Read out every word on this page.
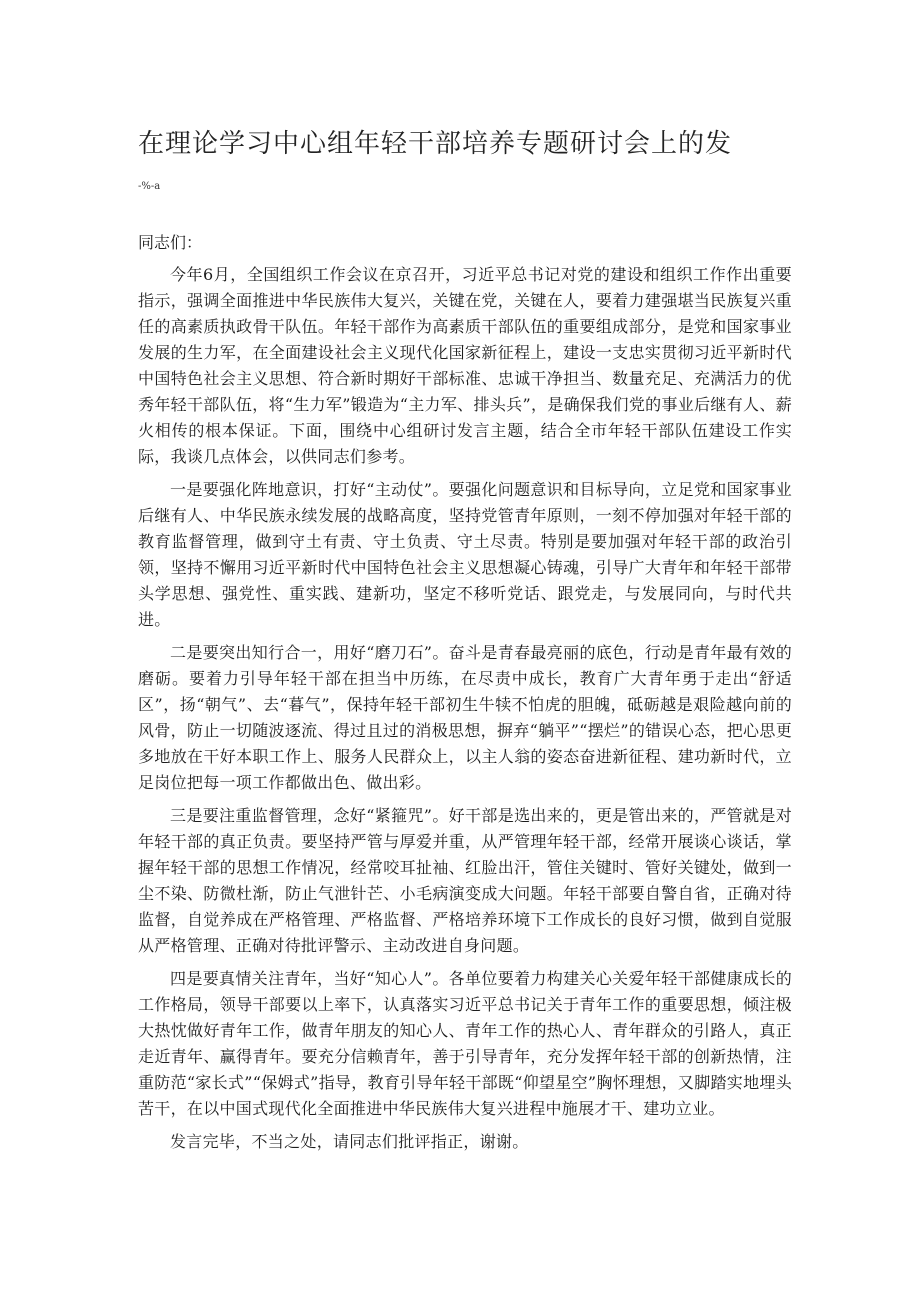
在理论学习中心组年轻干部培养专题研讨会上的发
-%-a
同志们：

今年6月，全国组织工作会议在京召开，习近平总书记对党的建设和组织工作作出重要指示，强调全面推进中华民族伟大复兴，关键在党，关键在人，要着力建强堪当民族复兴重任的高素质执政骨干队伍。年轻干部作为高素质干部队伍的重要组成部分，是党和国家事业发展的生力军，在全面建设社会主义现代化国家新征程上，建设一支忠实贯彻习近平新时代中国特色社会主义思想、符合新时期好干部标准、忠诚干净担当、数量充足、充满活力的优秀年轻干部队伍，将“生力军”锻造为“主力军、排头兵”，是确保我们党的事业后继有人、薪火相传的根本保证。下面，围绕中心组研讨发言主题，结合全市年轻干部队伍建设工作实际，我谈几点体会，以供同志们参考。

一是要强化阵地意识，打好“主动仗”。要强化问题意识和目标导向，立足党和国家事业后继有人、中华民族永续发展的战略高度，坚持党管青年原则，一刻不停加强对年轻干部的教育监督管理，做到守土有责、守土负责、守土尽责。特别是要加强对年轻干部的政治引领，坚持不懈用习近平新时代中国特色社会主义思想凝心铸魂，引导广大青年和年轻干部带头学思想、强党性、重实践、建新功，坚定不移听党话、跟党走，与发展同向，与时代共进。

二是要突出知行合一，用好“磨刀石”。奋斗是青春最亮丽的底色，行动是青年最有效的磨砺。要着力引导年轻干部在担当中历练，在尽责中成长，教育广大青年勇于走出“舒适区”，扬“朝气”、去“暮气”，保持年轻干部初生牛犊不怕虎的胆魄，砥砺越是艰险越向前的风骨，防止一切随波逐流、得过且过的消极思想，摒弃“躺平”“摆烂”的错误心态，把心思更多地放在干好本职工作上、服务人民群众上，以主人翁的姿态奋进新征程、建功新时代，立足岗位把每一项工作都做出色、做出彩。

三是要注重监督管理，念好“紧箍咒”。好干部是选出来的，更是管出来的，严管就是对年轻干部的真正负责。要坚持严管与厚爱并重，从严管理年轻干部，经常开展谈心谈话，掌握年轻干部的思想工作情况，经常咬耳扯袖、红脸出汗，管住关键时、管好关键处，做到一尘不染、防微杜渐，防止气泄针芒、小毛病演变成大问题。年轻干部要自警自省，正确对待监督，自觉养成在严格管理、严格监督、严格培养环境下工作成长的良好习惯，做到自觉服从严格管理、正确对待批评警示、主动改进自身问题。

四是要真情关注青年，当好“知心人”。各单位要着力构建关心关爱年轻干部健康成长的工作格局，领导干部要以上率下，认真落实习近平总书记关于青年工作的重要思想，倾注极大热忱做好青年工作，做青年朋友的知心人、青年工作的热心人、青年群众的引路人，真正走近青年、赢得青年。要充分信赖青年，善于引导青年，充分发挥年轻干部的创新热情，注重防范“家长式”“保姆式”指导，教育引导年轻干部既“仰望星空”胸怀理想，又脚踏实地埋头苦干，在以中国式现代化全面推进中华民族伟大复兴进程中施展才干、建功立业。

发言完毕，不当之处，请同志们批评指正，谢谢。
